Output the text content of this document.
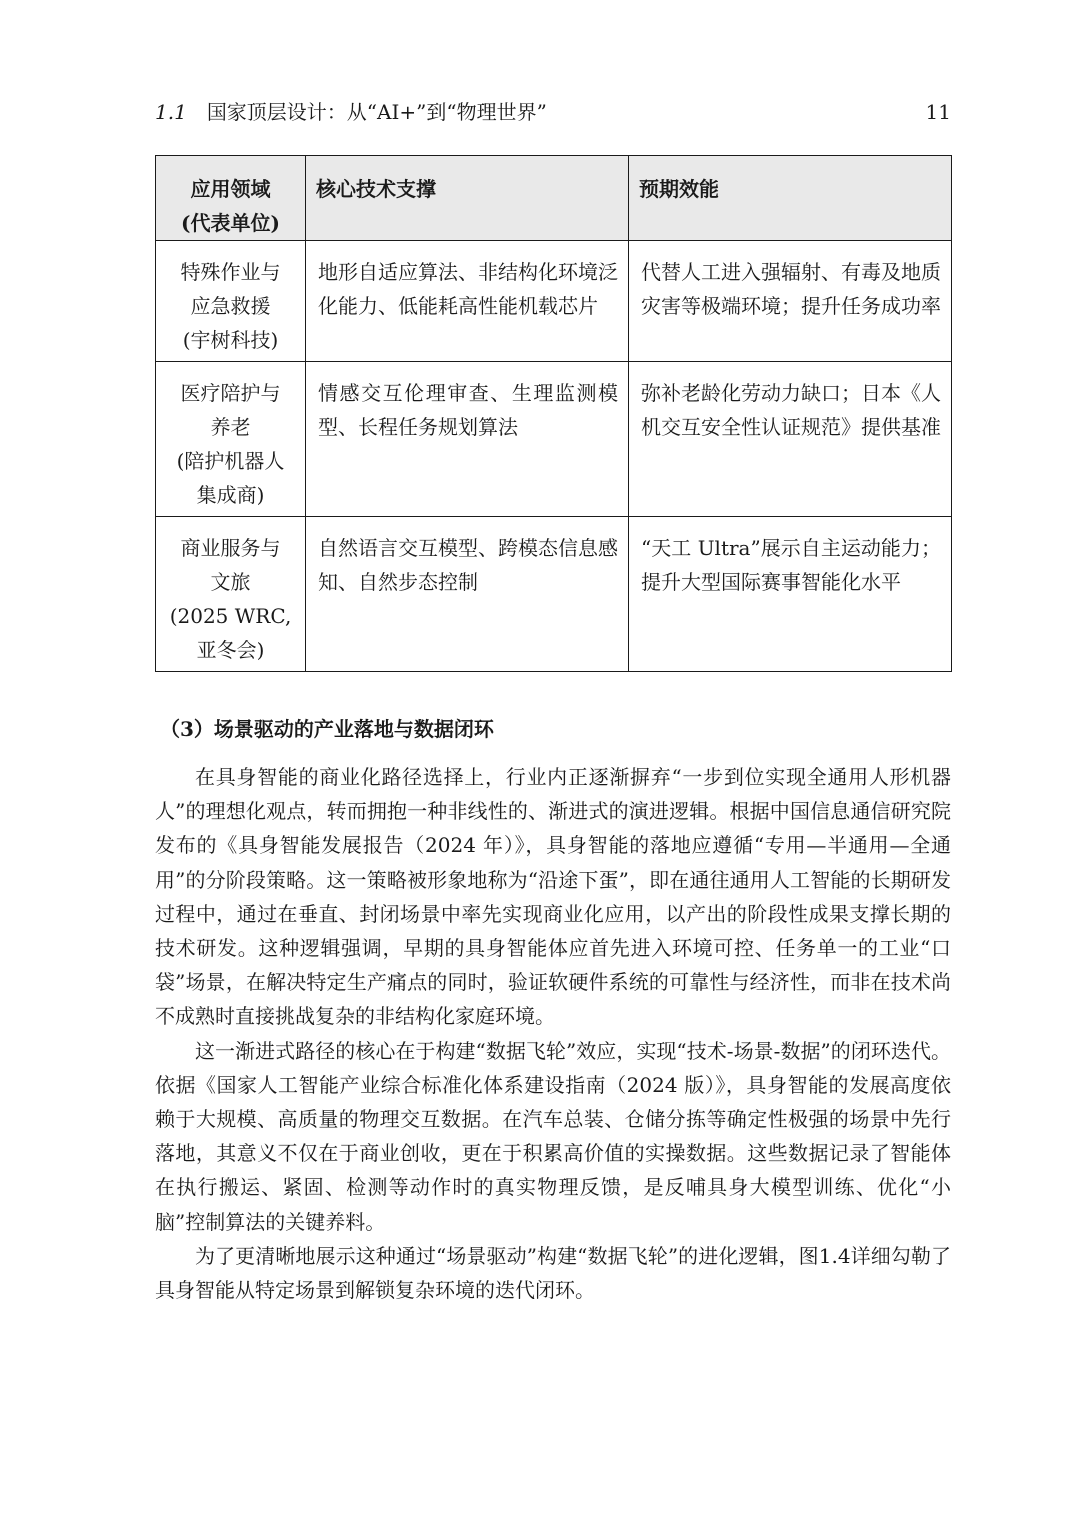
1.1 国家顶层设计：从“AI+”到“物理世界”	11
应用领域
(代表单位)	核心技术支撑	预期效能

特殊作业与
应急救援
(宇树科技)	地形自适应算法、非结构化环境泛化能力、低能耗高性能机载芯片	代替人工进入强辐射、有毒及地质灾害等极端环境；提升任务成功率

医疗陪护与
养老
(陪护机器人
集成商)	情感交互伦理审查、生理监测模型、长程任务规划算法	弥补老龄化劳动力缺口；日本《人机交互安全性认证规范》提供基准

商业服务与
文旅
(2025 WRC,
亚冬会)	自然语言交互模型、跨模态信息感知、自然步态控制	“天工 Ultra”展示自主运动能力；提升大型国际赛事智能化水平
（3）场景驱动的产业落地与数据闭环

在具身智能的商业化路径选择上，行业内正逐渐摒弃“一步到位实现全通用人形机器人”的理想化观点，转而拥抱一种非线性的、渐进式的演进逻辑。根据中国信息通信研究院发布的《具身智能发展报告（2024 年）》，具身智能的落地应遵循“专用—半通用—全通用”的分阶段策略。这一策略被形象地称为“沿途下蛋”，即在通往通用人工智能的长期研发过程中，通过在垂直、封闭场景中率先实现商业化应用，以产出的阶段性成果支撑长期的技术研发。这种逻辑强调，早期的具身智能体应首先进入环境可控、任务单一的工业“口袋”场景，在解决特定生产痛点的同时，验证软硬件系统的可靠性与经济性，而非在技术尚不成熟时直接挑战复杂的非结构化家庭环境。

这一渐进式路径的核心在于构建“数据飞轮”效应，实现“技术-场景-数据”的闭环迭代。依据《国家人工智能产业综合标准化体系建设指南（2024 版）》，具身智能的发展高度依赖于大规模、高质量的物理交互数据。在汽车总装、仓储分拣等确定性极强的场景中先行落地，其意义不仅在于商业创收，更在于积累高价值的实操数据。这些数据记录了智能体在执行搬运、紧固、检测等动作时的真实物理反馈，是反哺具身大模型训练、优化“小脑”控制算法的关键养料。

为了更清晰地展示这种通过“场景驱动”构建“数据飞轮”的进化逻辑，图1.4详细勾勒了具身智能从特定场景到解锁复杂环境的迭代闭环。
